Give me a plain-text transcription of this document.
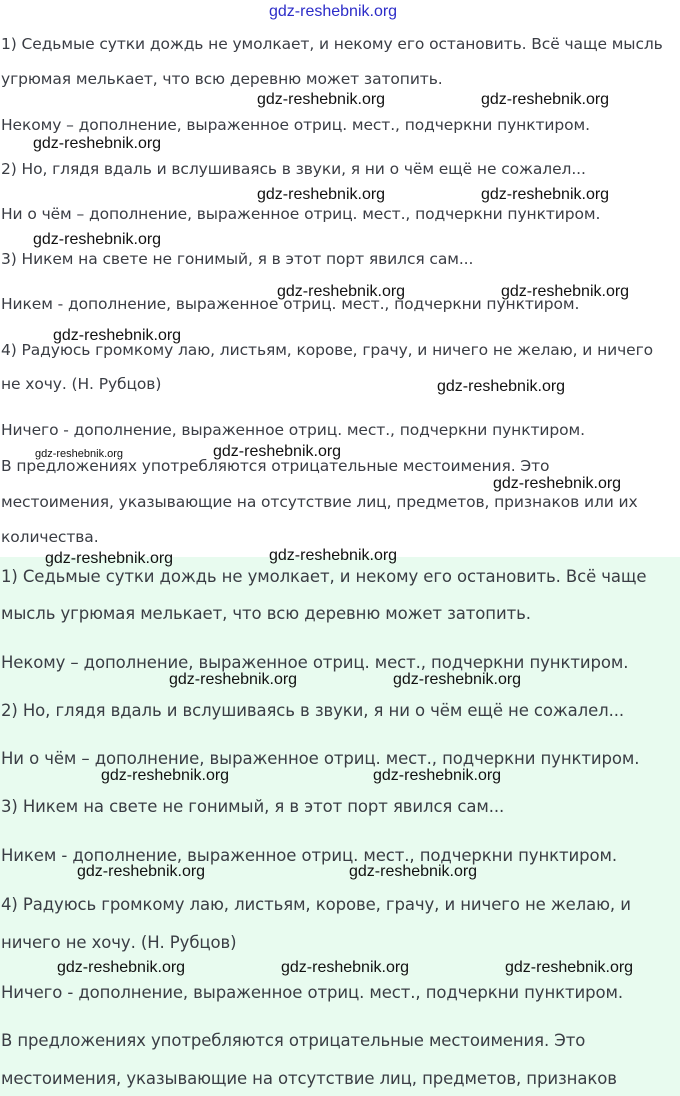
gdz-reshebnik.org
1) Седьмые сутки дождь не умолкает, и некому его остановить. Всё чаще мысль
угрюмая мелькает, что всю деревню может затопить.
Некому – дополнение, выраженное отриц. мест., подчеркни пунктиром.
2) Но, глядя вдаль и вслушиваясь в звуки, я ни о чём ещё не сожалел...
Ни о чём – дополнение, выраженное отриц. мест., подчеркни пунктиром.
3) Никем на свете не гонимый, я в этот порт явился сам...
Никем - дополнение, выраженное отриц. мест., подчеркни пунктиром.
4) Радуюсь громкому лаю, листьям, корове, грачу, и ничего не желаю, и ничего
не хочу. (Н. Рубцов)
Ничего - дополнение, выраженное отриц. мест., подчеркни пунктиром.
В предложениях употребляются отрицательные местоимения. Это
местоимения, указывающие на отсутствие лиц, предметов, признаков или их
количества.
1) Седьмые сутки дождь не умолкает, и некому его остановить. Всё чаще
мысль угрюмая мелькает, что всю деревню может затопить.
Некому – дополнение, выраженное отриц. мест., подчеркни пунктиром.
2) Но, глядя вдаль и вслушиваясь в звуки, я ни о чём ещё не сожалел...
Ни о чём – дополнение, выраженное отриц. мест., подчеркни пунктиром.
3) Никем на свете не гонимый, я в этот порт явился сам...
Никем - дополнение, выраженное отриц. мест., подчеркни пунктиром.
4) Радуюсь громкому лаю, листьям, корове, грачу, и ничего не желаю, и
ничего не хочу. (Н. Рубцов)
Ничего - дополнение, выраженное отриц. мест., подчеркни пунктиром.
В предложениях употребляются отрицательные местоимения. Это
местоимения, указывающие на отсутствие лиц, предметов, признаков
gdz-reshebnik.org	gdz-reshebnik.org
gdz-reshebnik.org
gdz-reshebnik.org	gdz-reshebnik.org
gdz-reshebnik.org
gdz-reshebnik.org	gdz-reshebnik.org
gdz-reshebnik.org
gdz-reshebnik.org
gdz-reshebnik.org	gdz-reshebnik.org
gdz-reshebnik.org
gdz-reshebnik.org	gdz-reshebnik.org
gdz-reshebnik.org	gdz-reshebnik.org
gdz-reshebnik.org	gdz-reshebnik.org
gdz-reshebnik.org	gdz-reshebnik.org
gdz-reshebnik.org	gdz-reshebnik.org	gdz-reshebnik.org
